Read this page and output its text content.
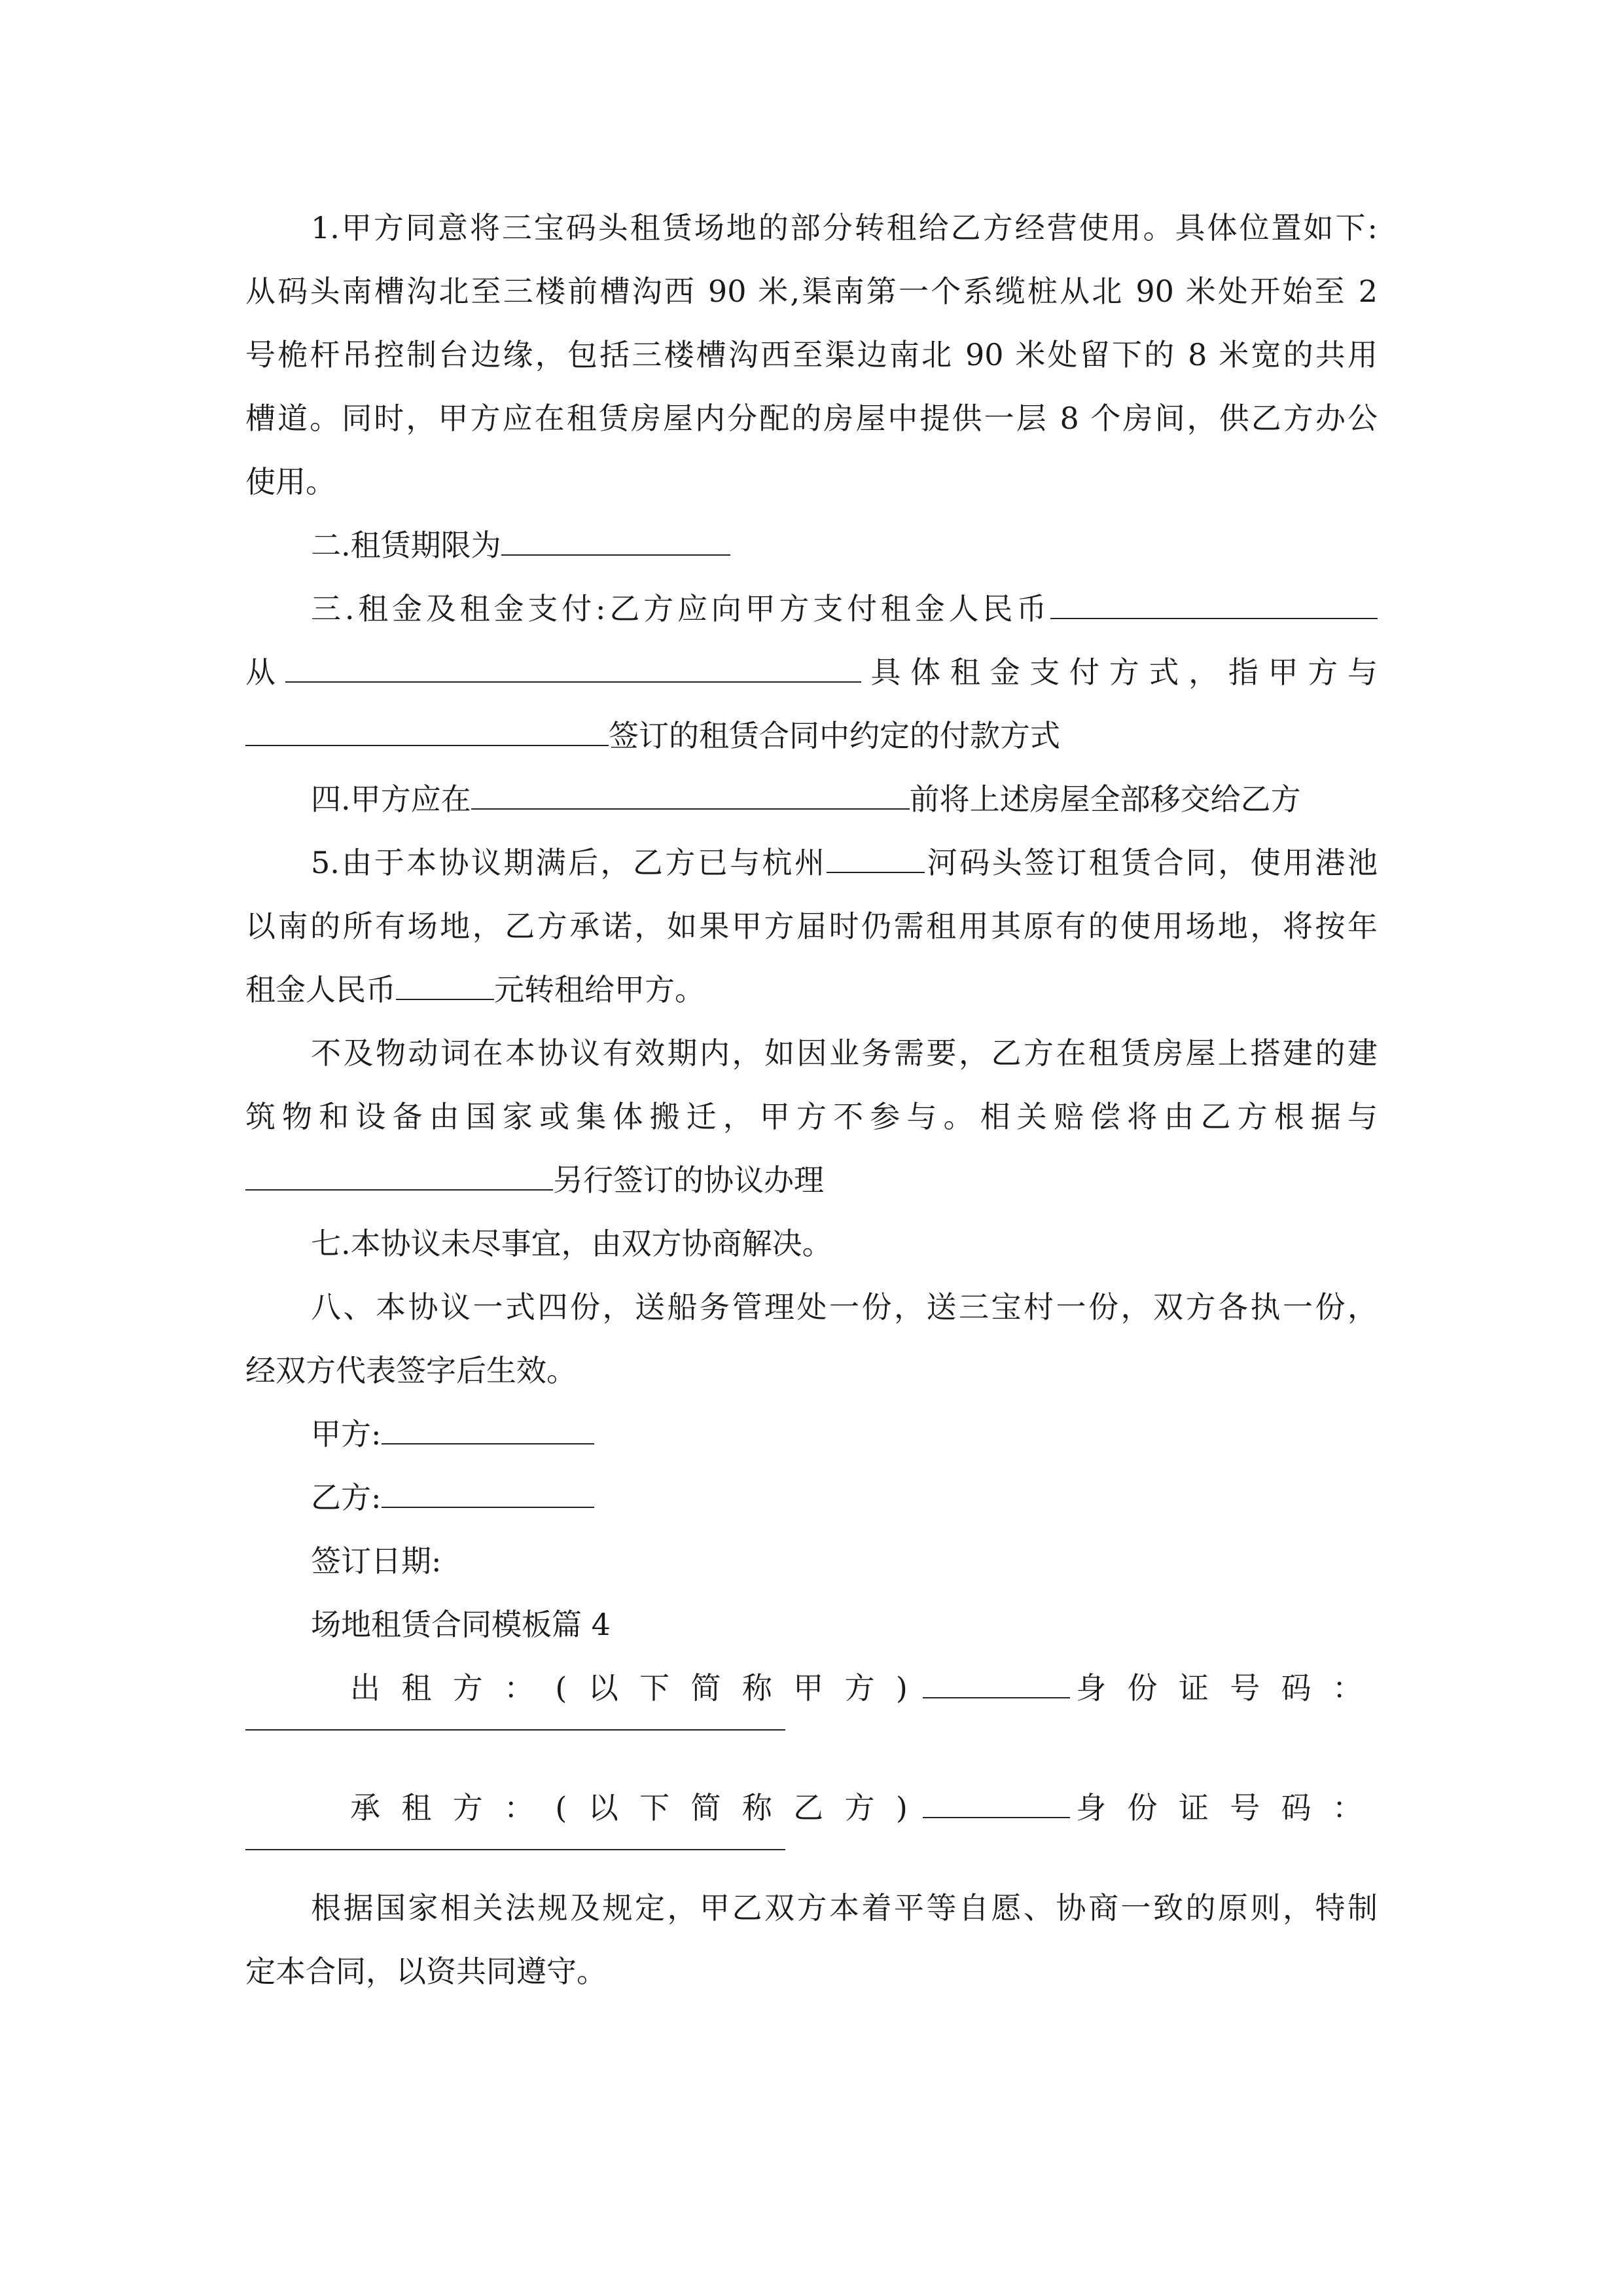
1.甲方同意将三宝码头租赁场地的部分转租给乙方经营使用。具体位置如下:

从码头南槽沟北至三楼前槽沟西 90 米,渠南第一个系缆桩从北 90 米处开始至 2

号桅杆吊控制台边缘，包括三楼槽沟西至渠边南北 90 米处留下的 8 米宽的共用

槽道。同时，甲方应在租赁房屋内分配的房屋中提供一层 8 个房间，供乙方办公

使用。

二.租赁期限为

三.租金及租金支付:乙方应向甲方支付租金人民币

从	具体租金支付方式，指甲方与

签订的租赁合同中约定的付款方式

四.甲方应在	前将上述房屋全部移交给乙方

5.由于本协议期满后，乙方已与杭州	河码头签订租赁合同，使用港池

以南的所有场地，乙方承诺，如果甲方届时仍需租用其原有的使用场地，将按年

租金人民币	元转租给甲方。

不及物动词在本协议有效期内，如因业务需要，乙方在租赁房屋上搭建的建

筑物和设备由国家或集体搬迁，甲方不参与。相关赔偿将由乙方根据与

另行签订的协议办理

七.本协议未尽事宜，由双方协商解决。

八、本协议一式四份，送船务管理处一份，送三宝村一份，双方各执一份，

经双方代表签字后生效。

甲方:

乙方:

签订日期:

场地租赁合同模板篇 4

出租方：(以下简称甲方)	身份证号码：

承租方：(以下简称乙方)	身份证号码：

根据国家相关法规及规定，甲乙双方本着平等自愿、协商一致的原则，特制

定本合同，以资共同遵守。
